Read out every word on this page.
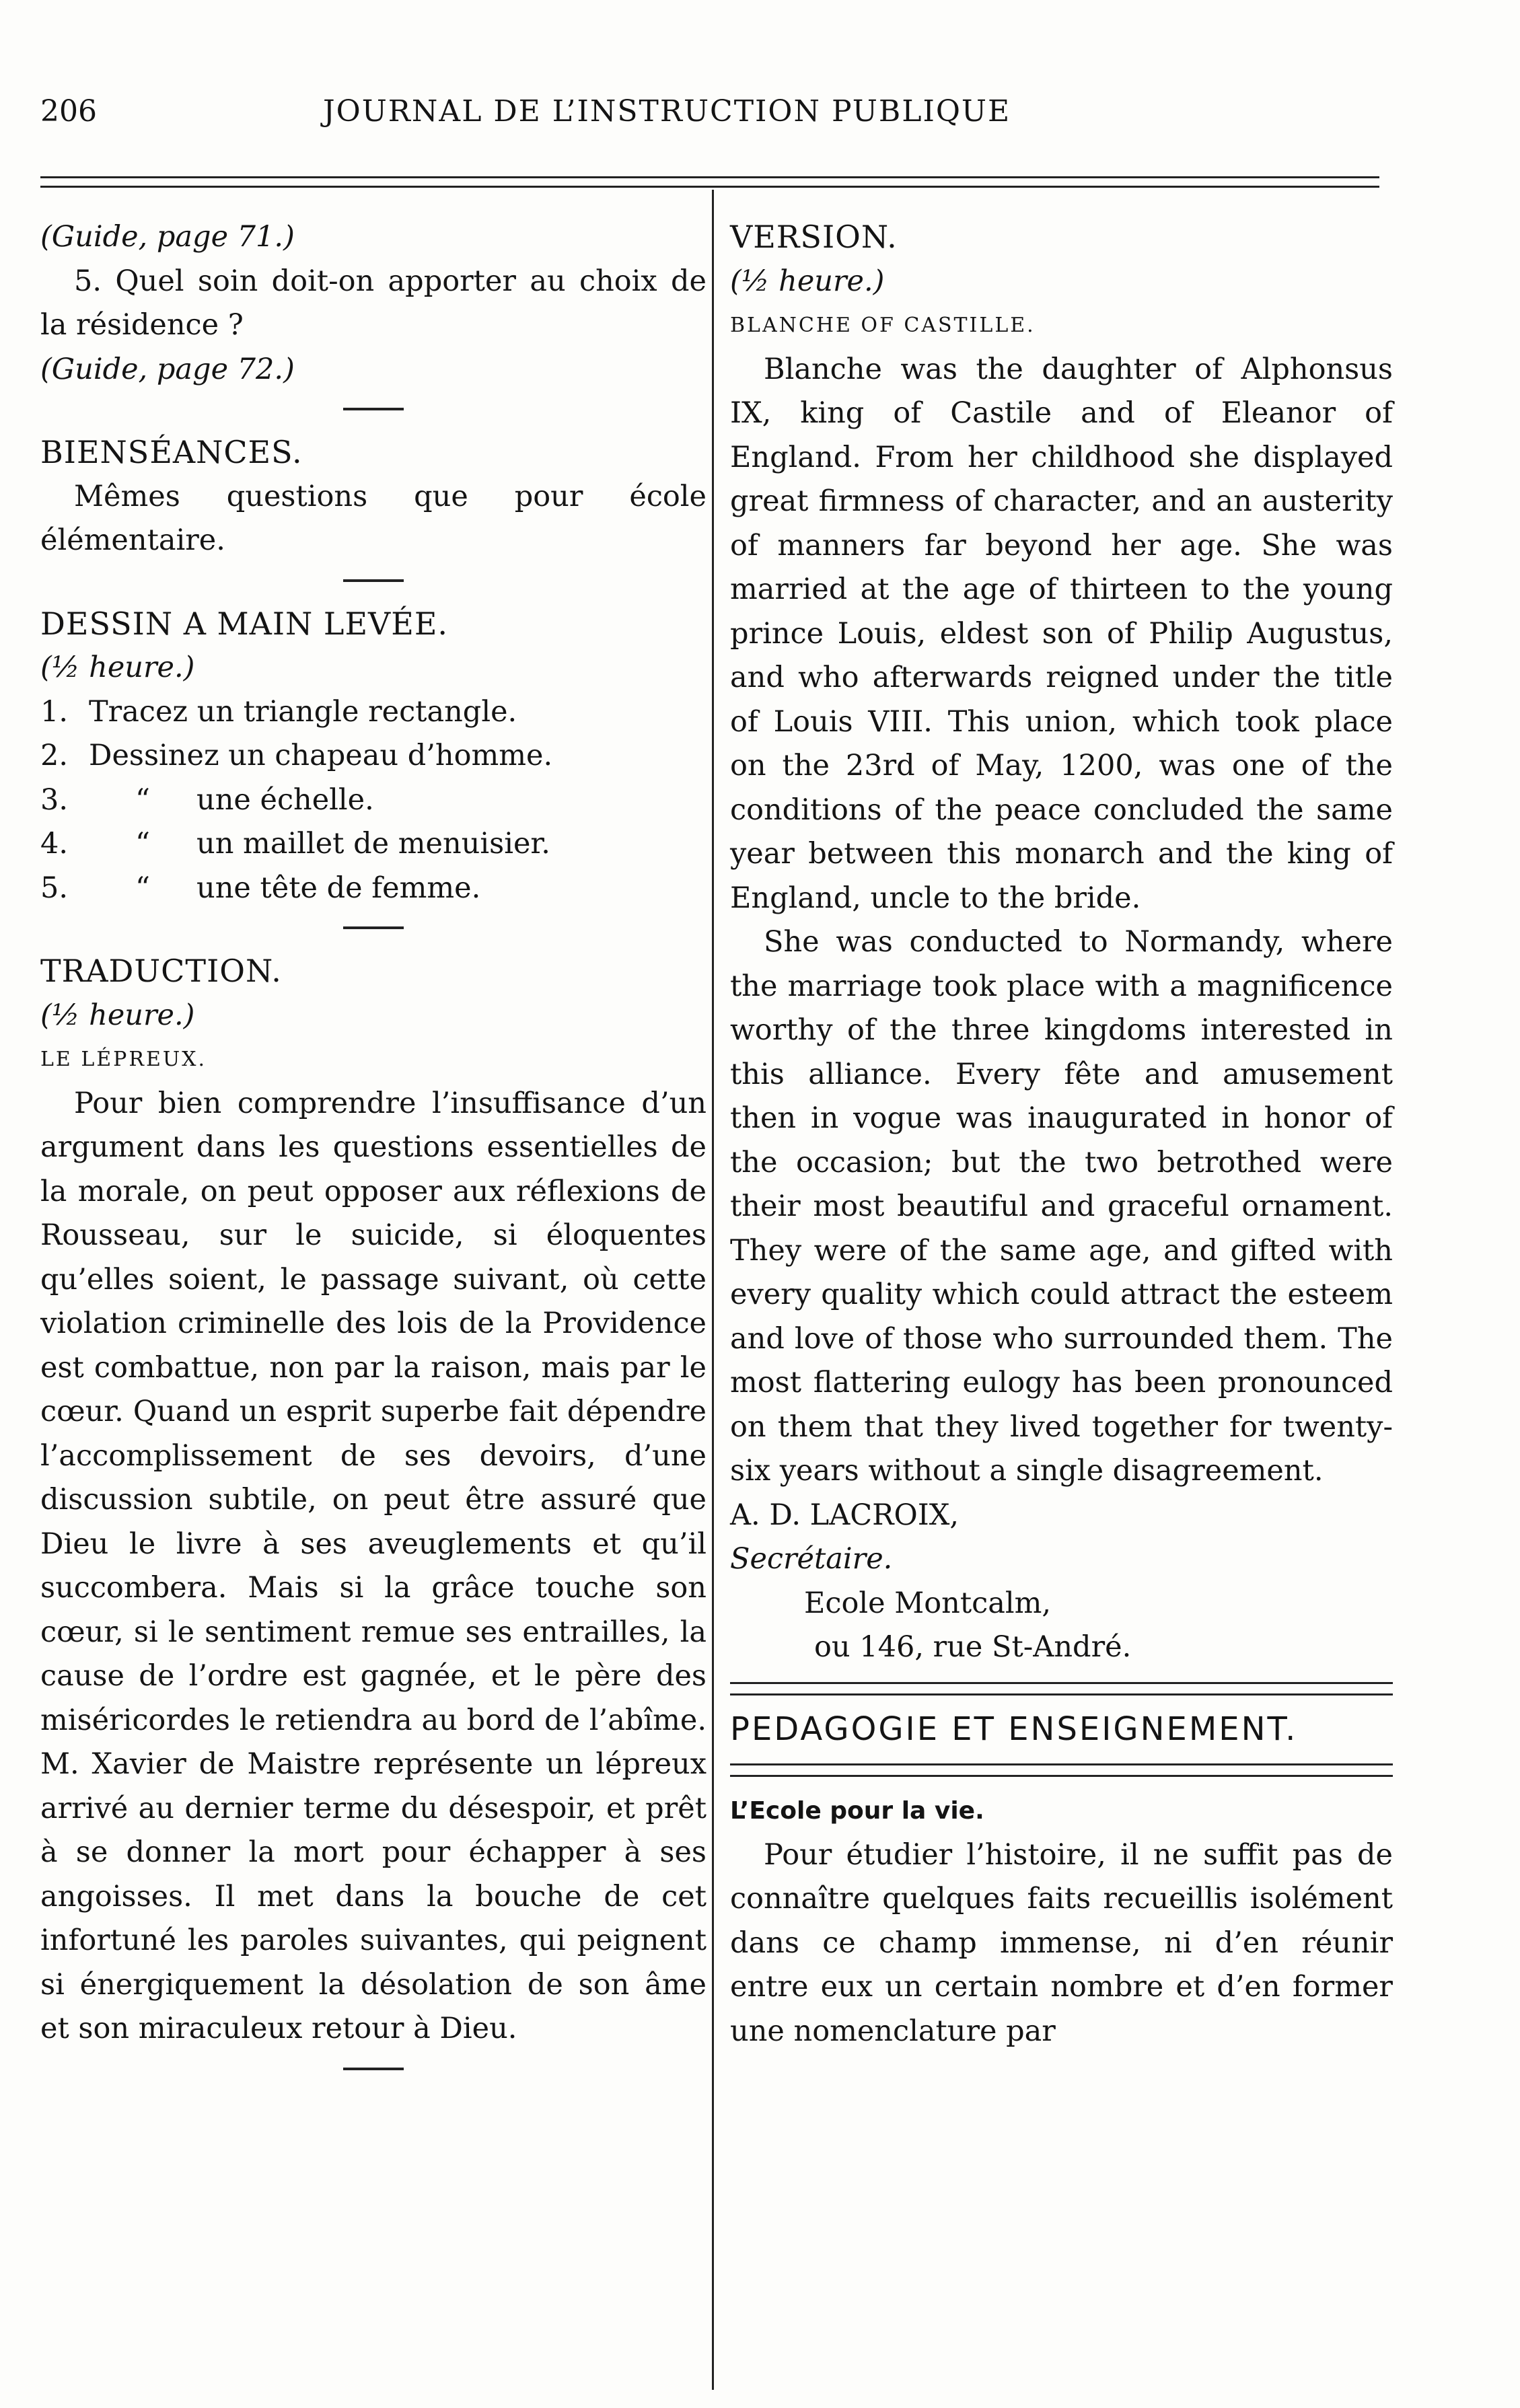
206	JOURNAL DE L’INSTRUCTION PUBLIQUE

(Guide, page 71.)

5. Quel soin doit-on apporter au choix de la résidence ?

(Guide, page 72.)

BIENSÉANCES.

Mêmes questions que pour école élémentaire.

DESSIN A MAIN LEVÉE.

(½ heure.)

1. Tracez un triangle rectangle.
2. Dessinez un chapeau d’homme.
3.	“	une échelle.
4.	“	un maillet de menuisier.
5.	“	une tête de femme.

TRADUCTION.

(½ heure.)

LE LÉPREUX.

Pour bien comprendre l’insuffisance d’un argument dans les questions essentielles de la morale, on peut opposer aux réflexions de Rousseau, sur le suicide, si éloquentes qu’elles soient, le passage suivant, où cette violation criminelle des lois de la Providence est combattue, non par la raison, mais par le cœur. Quand un esprit superbe fait dépendre l’accomplissement de ses devoirs, d’une discussion subtile, on peut être assuré que Dieu le livre à ses aveuglements et qu’il succombera. Mais si la grâce touche son cœur, si le sentiment remue ses entrailles, la cause de l’ordre est gagnée, et le père des miséricordes le retiendra au bord de l’abîme. M. Xavier de Maistre représente un lépreux arrivé au dernier terme du désespoir, et prêt à se donner la mort pour échapper à ses angoisses. Il met dans la bouche de cet infortuné les paroles suivantes, qui peignent si énergiquement la désolation de son âme et son miraculeux retour à Dieu.

VERSION.

(½ heure.)

BLANCHE OF CASTILLE.

Blanche was the daughter of Alphonsus IX, king of Castile and of Eleanor of England. From her childhood she displayed great firmness of character, and an austerity of manners far beyond her age. She was married at the age of thirteen to the young prince Louis, eldest son of Philip Augustus, and who afterwards reigned under the title of Louis VIII. This union, which took place on the 23rd of May, 1200, was one of the conditions of the peace concluded the same year between this monarch and the king of England, uncle to the bride.

She was conducted to Normandy, where the marriage took place with a magnificence worthy of the three kingdoms interested in this alliance. Every fête and amusement then in vogue was inaugurated in honor of the occasion; but the two betrothed were their most beautiful and graceful ornament. They were of the same age, and gifted with every quality which could attract the esteem and love of those who surrounded them. The most flattering eulogy has been pronounced on them that they lived together for twenty-six years without a single disagreement.

A. D. LACROIX,

Secrétaire.

Ecole Montcalm,

ou 146, rue St-André.

PEDAGOGIE ET ENSEIGNEMENT.

L’Ecole pour la vie.

Pour étudier l’histoire, il ne suffit pas de connaître quelques faits recueillis isolément dans ce champ immense, ni d’en réunir entre eux un certain nombre et d’en former une nomenclature par
